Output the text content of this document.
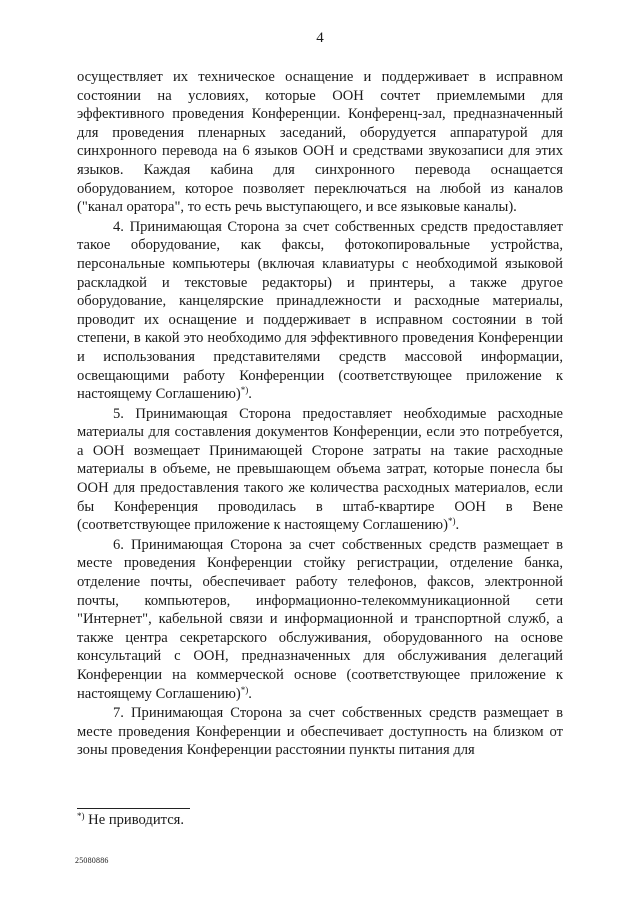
4

осуществляет их техническое оснащение и поддерживает в исправном состоянии на условиях, которые ООН сочтет приемлемыми для эффективного проведения Конференции. Конференц-зал, предназначенный для проведения пленарных заседаний, оборудуется аппаратурой для синхронного перевода на 6 языков ООН и средствами звукозаписи для этих языков. Каждая кабина для синхронного перевода оснащается оборудованием, которое позволяет переключаться на любой из каналов ("канал оратора", то есть речь выступающего, и все языковые каналы).

4. Принимающая Сторона за счет собственных средств предоставляет такое оборудование, как факсы, фотокопировальные устройства, персональные компьютеры (включая клавиатуры с необходимой языковой раскладкой и текстовые редакторы) и принтеры, а также другое оборудование, канцелярские принадлежности и расходные материалы, проводит их оснащение и поддерживает в исправном состоянии в той степени, в какой это необходимо для эффективного проведения Конференции и использования представителями средств массовой информации, освещающими работу Конференции (соответствующее приложение к настоящему Соглашению)*).

5. Принимающая Сторона предоставляет необходимые расходные материалы для составления документов Конференции, если это потребуется, а ООН возмещает Принимающей Стороне затраты на такие расходные материалы в объеме, не превышающем объема затрат, которые понесла бы ООН для предоставления такого же количества расходных материалов, если бы Конференция проводилась в штаб-квартире ООН в Вене (соответствующее приложение к настоящему Соглашению)*).

6. Принимающая Сторона за счет собственных средств размещает в месте проведения Конференции стойку регистрации, отделение банка, отделение почты, обеспечивает работу телефонов, факсов, электронной почты, компьютеров, информационно-телекоммуникационной сети "Интернет", кабельной связи и информационной и транспортной служб, а также центра секретарского обслуживания, оборудованного на основе консультаций с ООН, предназначенных для обслуживания делегаций Конференции на коммерческой основе (соответствующее приложение к настоящему Соглашению)*).

7. Принимающая Сторона за счет собственных средств размещает в месте проведения Конференции и обеспечивает доступность на близком от зоны проведения Конференции расстоянии пункты питания для

*) Не приводится.
25080886
